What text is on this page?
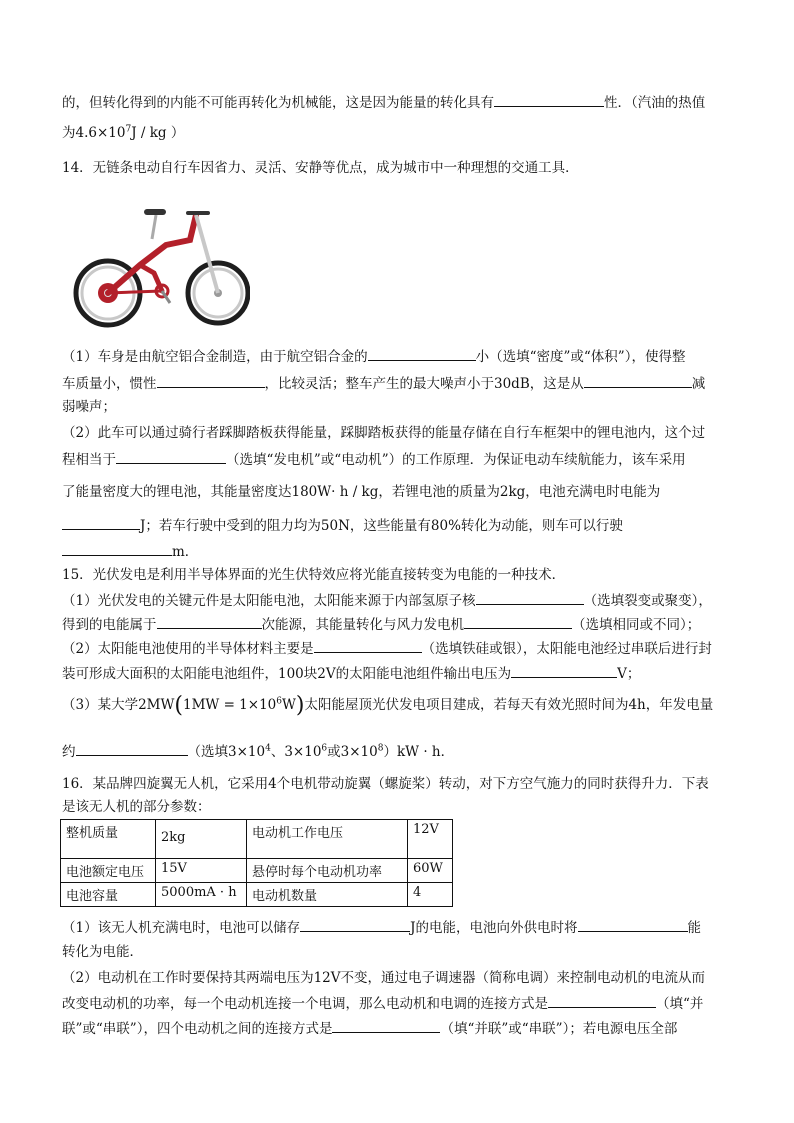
的，但转化得到的内能不可能再转化为机械能，这是因为能量的转化具有	性．（汽油的热值
为$4.6\times 10^7J$ / kg ）
14．无链条电动自行车因省力、灵活、安静等优点，成为城市中一种理想的交通工具．
（1）车身是由航空铝合金制造，由于航空铝合金的	小（选填“密度”或“体积”），使得整
车质量小，惯性	，比较灵活；整车产生的最大噪声小于30dB，这是从	减
弱噪声；
（2）此车可以通过骑行者踩脚踏板获得能量，踩脚踏板获得的能量存储在自行车框架中的锂电池内，这个过
程相当于	（选填“发电机”或“电动机”）的工作原理．为保证电动车续航能力，该车采用
了能量密度大的锂电池，其能量密度达180W· h / kg，若锂电池的质量为2kg，电池充满电时电能为
J；若车行驶中受到的阻力均为50N，这些能量有80%转化为动能，则车可以行驶
m．
15．光伏发电是利用半导体界面的光生伏特效应将光能直接转变为电能的一种技术．
（1）光伏发电的关键元件是太阳能电池，太阳能来源于内部氢原子核	（选填裂变或聚变），
得到的电能属于	次能源，其能量转化与风力发电机	（选填相同或不同）；
（2）太阳能电池使用的半导体材料主要是	（选填铁硅或银），太阳能电池经过串联后进行封
装可形成大面积的太阳能电池组件，100块2V的太阳能电池组件输出电压为	V；
（3）某大学$2MW(1MW = 1\times 10^6W)$太阳能屋顶光伏发电项目建成，若每天有效光照时间为4h，年发电量
约	（选填$3\times 10^4$、$3\times 10^6$或$3\times 10^8)kW \cdot h$．
16．某品牌四旋翼无人机，它采用4个电机带动旋翼（螺旋桨）转动，对下方空气施力的同时获得升力．下表
是该无人机的部分参数：
整机质量	2kg	电动机工作电压	12V
电池额定电压	15V	悬停时每个电动机功率	60W
电池容量	5000mA · h	电动机数量	4
（1）该无人机充满电时，电池可以储存	J的电能，电池向外供电时将	能
转化为电能．
（2）电动机在工作时要保持其两端电压为12V不变，通过电子调速器（简称电调）来控制电动机的电流从而
改变电动机的功率，每一个电动机连接一个电调，那么电动机和电调的连接方式是	（填“并
联”或“串联”），四个电动机之间的连接方式是	（填“并联”或“串联”）；若电源电压全部
